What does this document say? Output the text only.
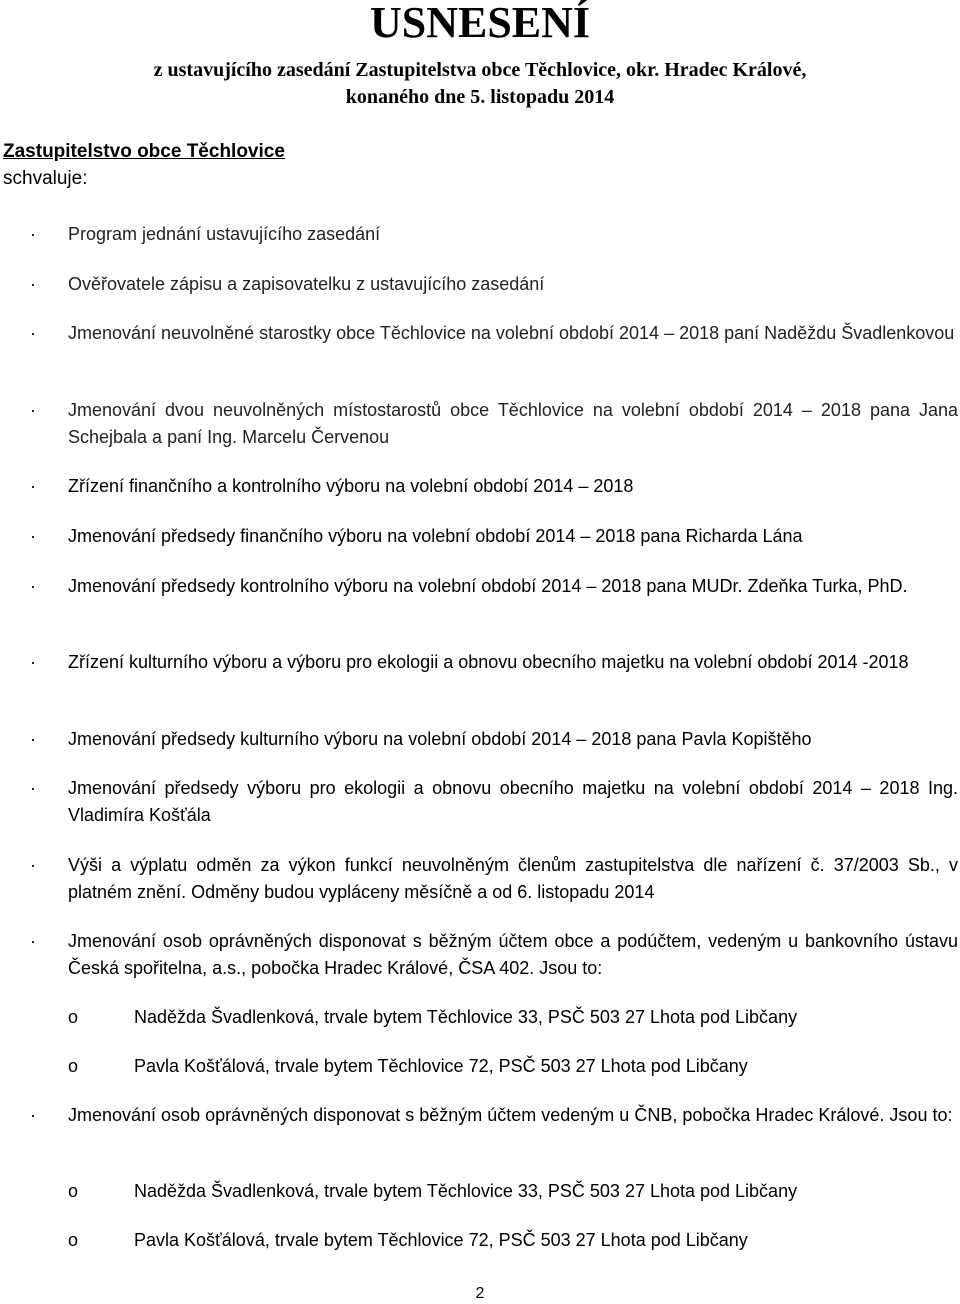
USNESENÍ
z ustavujícího zasedání Zastupitelstva obce Těchlovice, okr. Hradec Králové,
konaného dne 5. listopadu 2014
Zastupitelstvo obce Těchlovice
schvaluje:
· Program jednání ustavujícího zasedání
· Ověřovatele zápisu a zapisovatelku z ustavujícího zasedání
· Jmenování neuvolněné starostky obce Těchlovice na volební období 2014 – 2018 paní Naděždu Švadlenkovou
· Jmenování dvou neuvolněných místostarostů obce Těchlovice na volební období 2014 – 2018 pana Jana Schejbala a paní Ing. Marcelu Červenou
· Zřízení finančního a kontrolního výboru na volební období 2014 – 2018
· Jmenování předsedy finančního výboru na volební období 2014 – 2018 pana Richarda Lána
· Jmenování předsedy kontrolního výboru na volební období 2014 – 2018 pana MUDr. Zdeňka Turka, PhD.
· Zřízení kulturního výboru a výboru pro ekologii a obnovu obecního majetku na volební období 2014 -2018
· Jmenování předsedy kulturního výboru na volební období 2014 – 2018 pana Pavla Kopištěho
· Jmenování předsedy výboru pro ekologii a obnovu obecního majetku na volební období 2014 – 2018 Ing. Vladimíra Košťála
· Výši a výplatu odměn za výkon funkcí neuvolněným členům zastupitelstva dle nařízení č. 37/2003 Sb., v platném znění. Odměny budou vypláceny měsíčně a od 6. listopadu 2014
· Jmenování osob oprávněných disponovat s běžným účtem obce a podúčtem, vedeným u bankovního ústavu Česká spořitelna, a.s., pobočka Hradec Králové, ČSA 402. Jsou to:
o	Naděžda Švadlenková, trvale bytem Těchlovice 33, PSČ 503 27 Lhota pod Libčany
o	Pavla Košťálová, trvale bytem Těchlovice 72, PSČ 503 27 Lhota pod Libčany
· Jmenování osob oprávněných disponovat s běžným účtem vedeným u ČNB, pobočka Hradec Králové. Jsou to:
o	Naděžda Švadlenková, trvale bytem Těchlovice 33, PSČ 503 27 Lhota pod Libčany
o	Pavla Košťálová, trvale bytem Těchlovice 72, PSČ 503 27 Lhota pod Libčany
2
